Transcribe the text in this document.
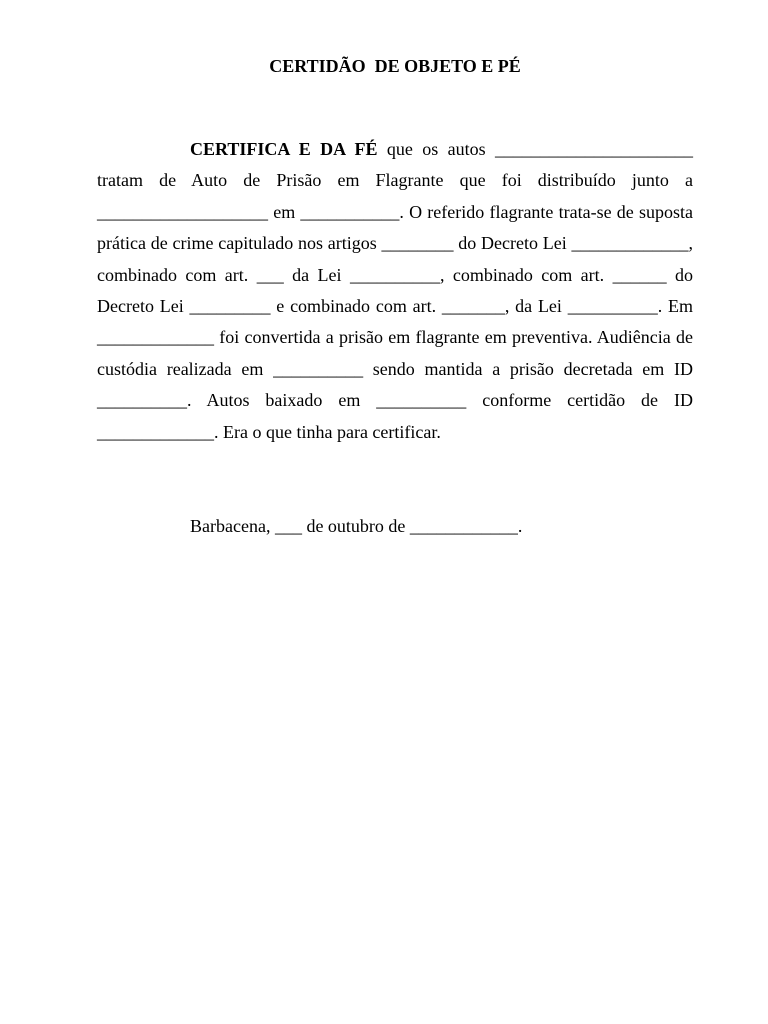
CERTIDÃO  DE OBJETO E PÉ

CERTIFICA E DA FÉ que os autos ______________________ tratam de Auto de Prisão em Flagrante que foi distribuído junto a ___________________ em ___________. O referido flagrante trata-se de suposta prática de crime capitulado nos artigos ________ do Decreto Lei _____________, combinado com art. ___ da Lei __________, combinado com art. ______ do Decreto Lei _________ e combinado com art. _______, da Lei __________. Em _____________ foi convertida a prisão em flagrante em preventiva. Audiência de custódia realizada em __________ sendo mantida a prisão decretada em ID __________. Autos baixado em __________ conforme certidão de ID _____________. Era o que tinha para certificar.

Barbacena, ___ de outubro de ____________.
